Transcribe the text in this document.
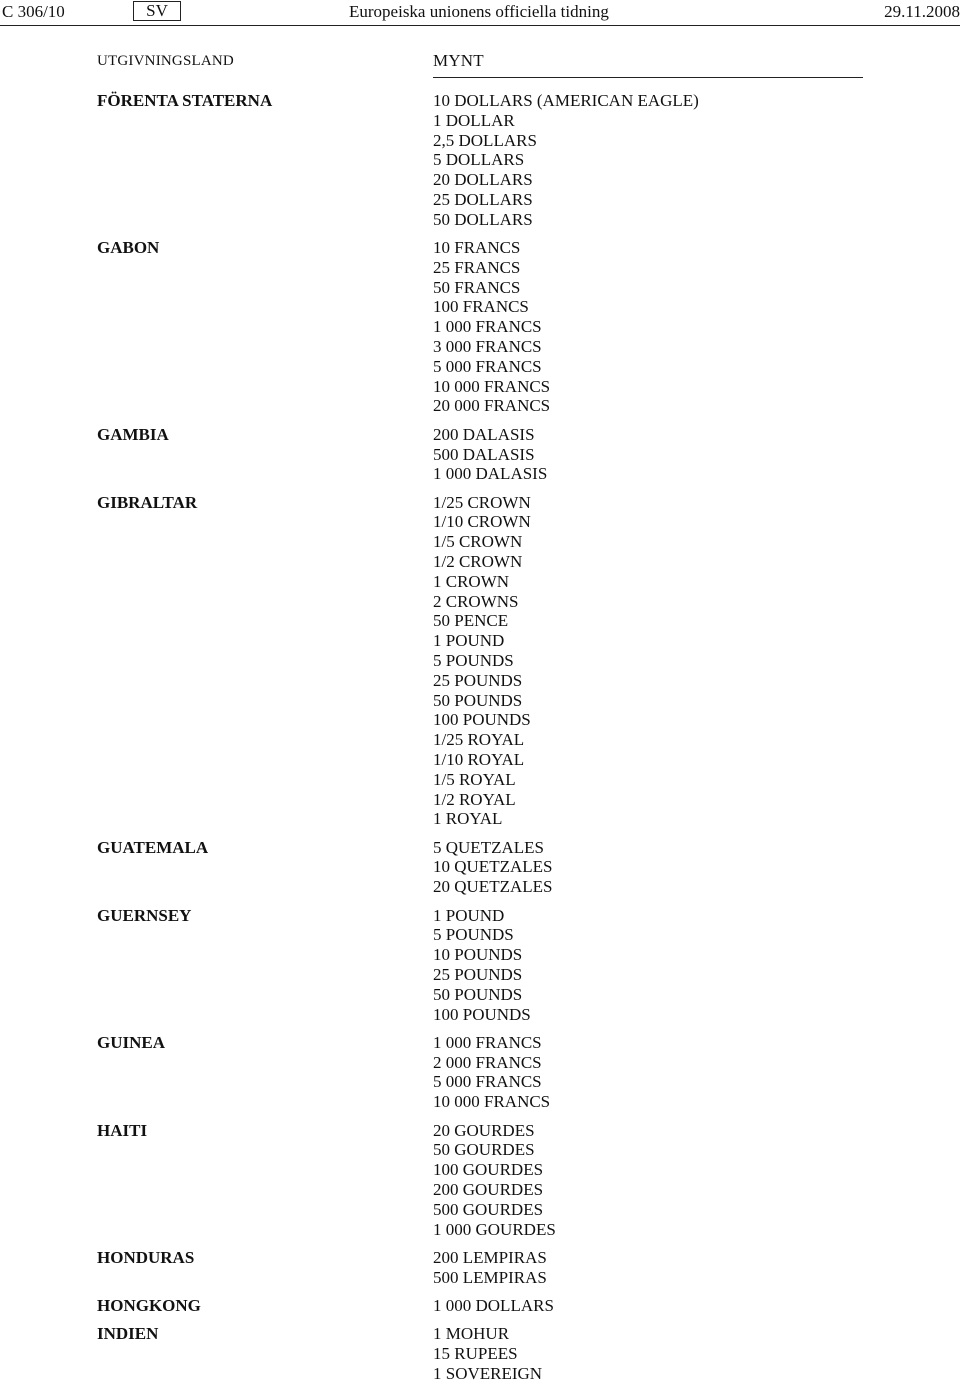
C 306/10	SV	Europeiska unionens officiella tidning	29.11.2008
UTGIVNINGSLAND	MYNT
FÖRENTA STATERNA	10 DOLLARS (AMERICAN EAGLE)
1 DOLLAR
2,5 DOLLARS
5 DOLLARS
20 DOLLARS
25 DOLLARS
50 DOLLARS
GABON	10 FRANCS
25 FRANCS
50 FRANCS
100 FRANCS
1 000 FRANCS
3 000 FRANCS
5 000 FRANCS
10 000 FRANCS
20 000 FRANCS
GAMBIA	200 DALASIS
500 DALASIS
1 000 DALASIS
GIBRALTAR	1/25 CROWN
1/10 CROWN
1/5 CROWN
1/2 CROWN
1 CROWN
2 CROWNS
50 PENCE
1 POUND
5 POUNDS
25 POUNDS
50 POUNDS
100 POUNDS
1/25 ROYAL
1/10 ROYAL
1/5 ROYAL
1/2 ROYAL
1 ROYAL
GUATEMALA	5 QUETZALES
10 QUETZALES
20 QUETZALES
GUERNSEY	1 POUND
5 POUNDS
10 POUNDS
25 POUNDS
50 POUNDS
100 POUNDS
GUINEA	1 000 FRANCS
2 000 FRANCS
5 000 FRANCS
10 000 FRANCS
HAITI	20 GOURDES
50 GOURDES
100 GOURDES
200 GOURDES
500 GOURDES
1 000 GOURDES
HONDURAS	200 LEMPIRAS
500 LEMPIRAS
HONGKONG	1 000 DOLLARS
INDIEN	1 MOHUR
15 RUPEES
1 SOVEREIGN
